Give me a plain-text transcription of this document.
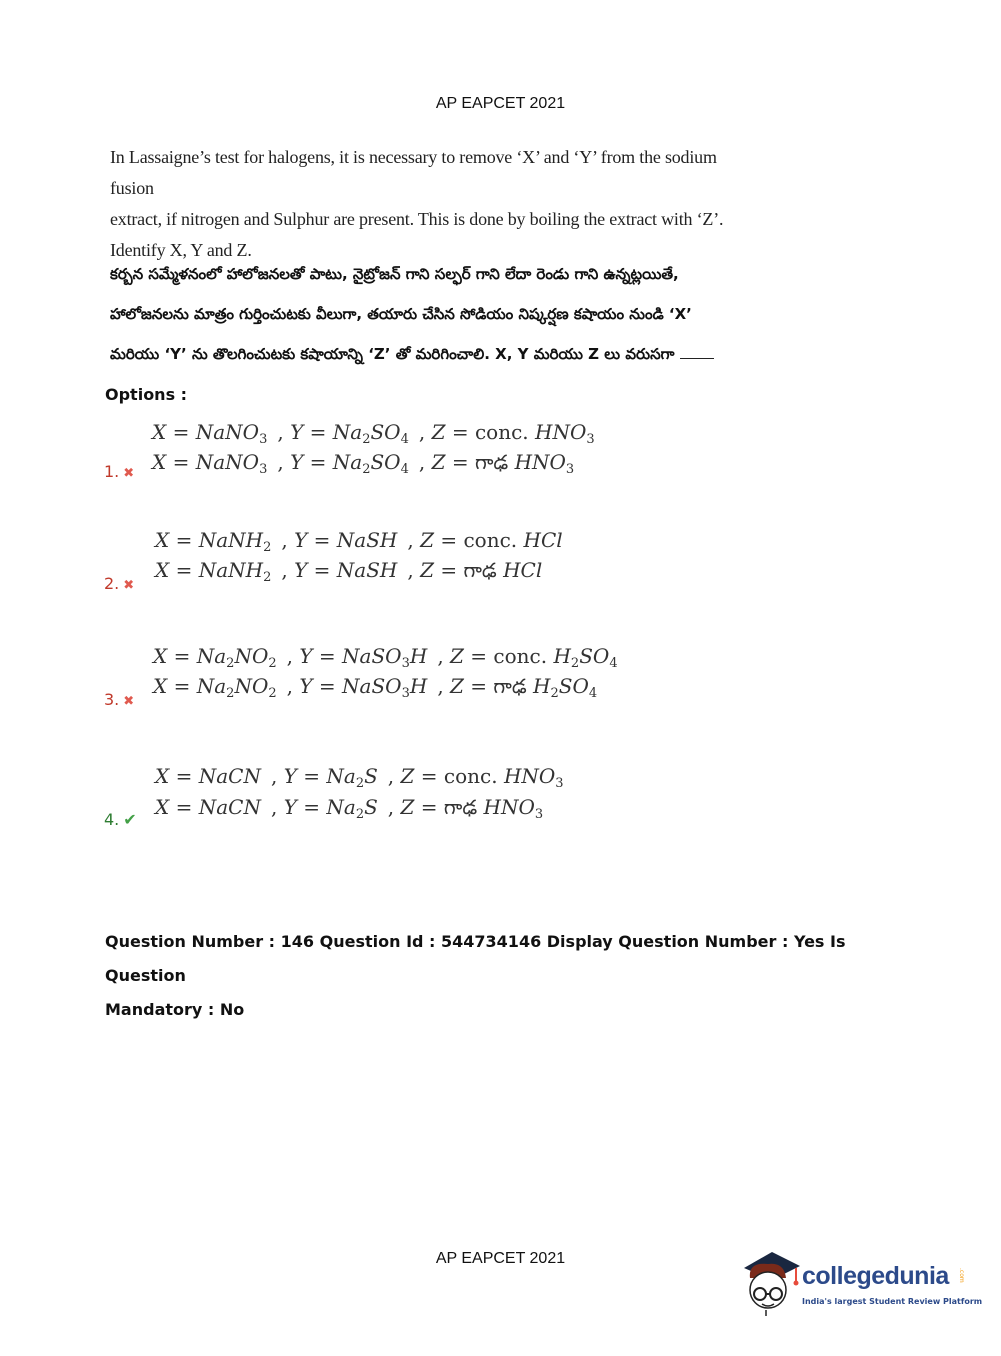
AP EAPCET 2021

In Lassaigne’s test for halogens, it is necessary to remove ‘X’ and ‘Y’ from the sodium fusion

extract, if nitrogen and Sulphur are present. This is done by boiling the extract with ‘Z’.

Identify X, Y and Z.

కర్బన సమ్మేళనంలో హాలోజనలతో పాటు, నైట్రోజన్ గాని సల్ఫర్ గాని లేదా రెండు గాని ఉన్నట్లయితే,

హాలోజనలను మాత్రం గుర్తించుటకు వీలుగా, తయారు చేసిన సోడియం నిష్కర్షణ కషాయం నుండి ‘X’

మరియు ‘Y’ ను తొలగించుటకు కషాయాన్ని ‘Z’ తో మరిగించాలి. X, Y మరియు Z లు వరుసగా

Options :
X = NaNO$_3$ , $Y = Na_2SO_4$ , Z = conc. $HNO_3$
X = NaNO$_3$ , $Y = Na_2SO_4$ , Z = గాఢ $HNO_3$
1. ✖
X = NaNH$_2$ , Y = NaSH , Z = conc. HCl
X = NaNH$_2$ , Y = NaSH , Z = గాఢ HCl
2. ✖
$X = Na_2NO_2$ , Y = NaSO$_3$H , Z = conc. $H_2SO_4$
$X = Na_2NO_2$ , Y = NaSO$_3$H , Z = గాఢ $H_2SO_4$
3. ✖
X = NaCN , $Y = Na_2S$ , Z = conc. $HNO_3$
X = NaCN , $Y = Na_2S$ , Z = గాఢ $HNO_3$
4. ✔

Question Number : 146 Question Id : 544734146 Display Question Number : Yes Is Question

Mandatory : No

AP EAPCET 2021
collegedunia .com
India's largest Student Review Platform
